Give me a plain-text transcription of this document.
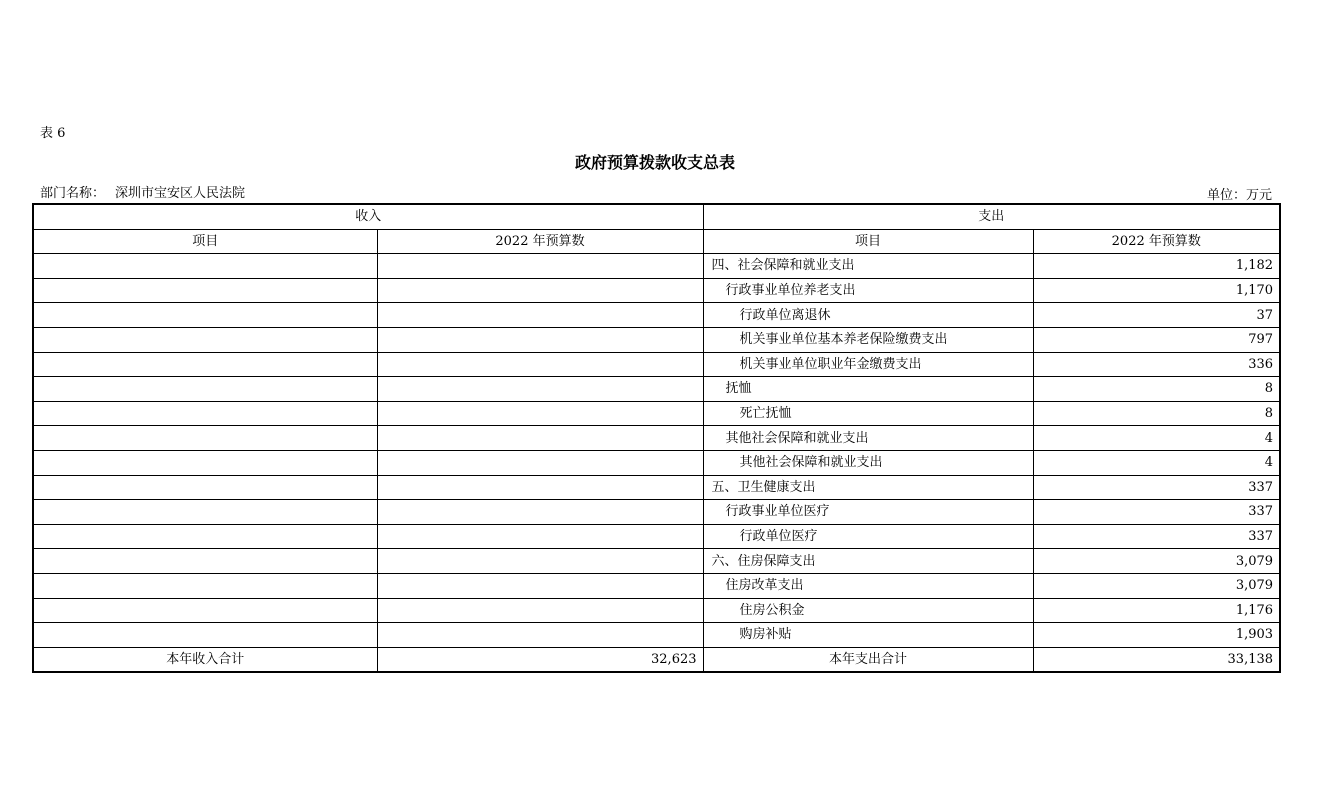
表 6
政府预算拨款收支总表
部门名称： 深圳市宝安区人民法院	单位：万元
收入		支出	
项目	2022 年预算数	项目	2022 年预算数
		四、社会保障和就业支出	1,182
		行政事业单位养老支出	1,170
		行政单位离退休	37
		机关事业单位基本养老保险缴费支出	797
		机关事业单位职业年金缴费支出	336
		抚恤	8
		死亡抚恤	8
		其他社会保障和就业支出	4
		其他社会保障和就业支出	4
		五、卫生健康支出	337
		行政事业单位医疗	337
		行政单位医疗	337
		六、住房保障支出	3,079
		住房改革支出	3,079
		住房公积金	1,176
		购房补贴	1,903
本年收入合计	32,623	本年支出合计	33,138
